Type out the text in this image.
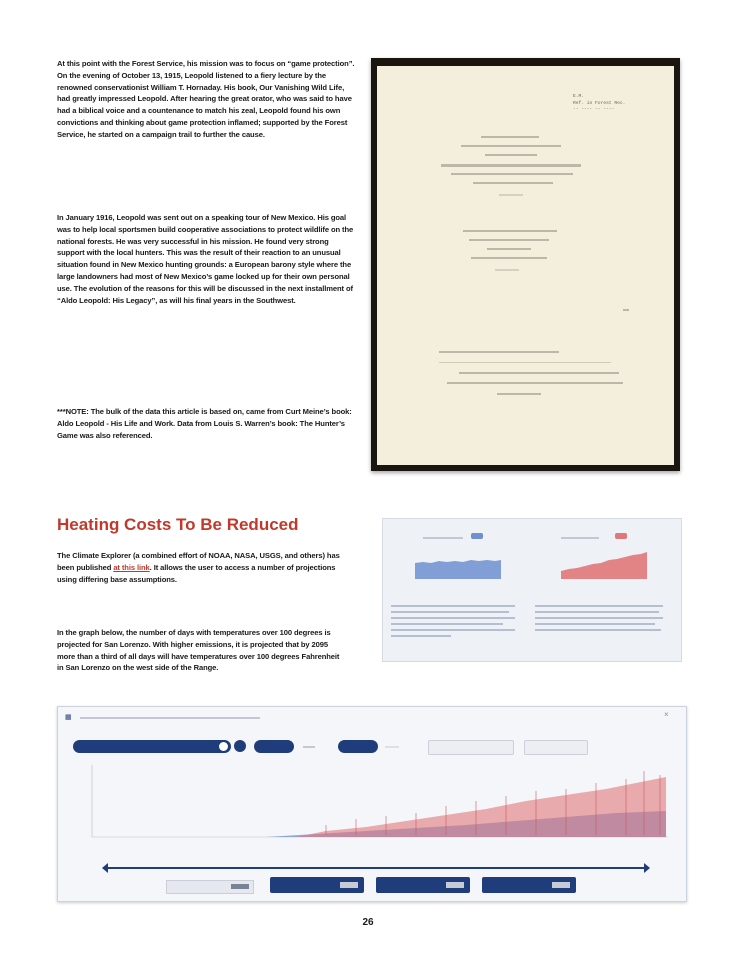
At this point with the Forest Service, his mission was to focus on “game protection”. On the evening of October 13, 1915, Leopold listened to a fiery lecture by the renowned conservationist William T. Hornaday. His book, Our Vanishing Wild Life, had greatly impressed Leopold. After hearing the great orator, who was said to have had a biblical voice and a countenance to match his zeal, Leopold found his own convictions and thinking about game protection inflamed; supported by the Forest Service, he started on a campaign trail to further the cause.

In January 1916, Leopold was sent out on a speaking tour of New Mexico. His goal was to help local sportsmen build cooperative associations to protect wildlife on the national forests. He was very successful in his mission. He found very strong support with the local hunters. This was the result of their reaction to an unusual situation found in New Mexico hunting grounds: a European barony style where the large landowners had most of New Mexico’s game locked up for their own personal use. The evolution of the reasons for this will be discussed in the next installment of “Aldo Leopold: His Legacy”, as will his final years in the Southwest.

***NOTE: The bulk of the data this article is based on, came from Curt Meine’s book: Aldo Leopold - His Life and Work. Data from Louis S. Warren’s book: The Hunter’s Game was also referenced.

E.M.
Ref. in Forest Rec.
-- ---- -- ----
Heating Costs To Be Reduced

The Climate Explorer (a combined effort of NOAA, NASA, USGS, and others) has been published at this link. It allows the user to access a number of projections using differing base assumptions.

In the graph below, the number of days with temperatures over 100 degrees is projected for San Lorenzo. With higher emissions, it is projected that by 2095 more than a third of all days will have temperatures over 100 degrees Fahrenheit in San Lorenzo on the west side of the Range.

▦	×
26
